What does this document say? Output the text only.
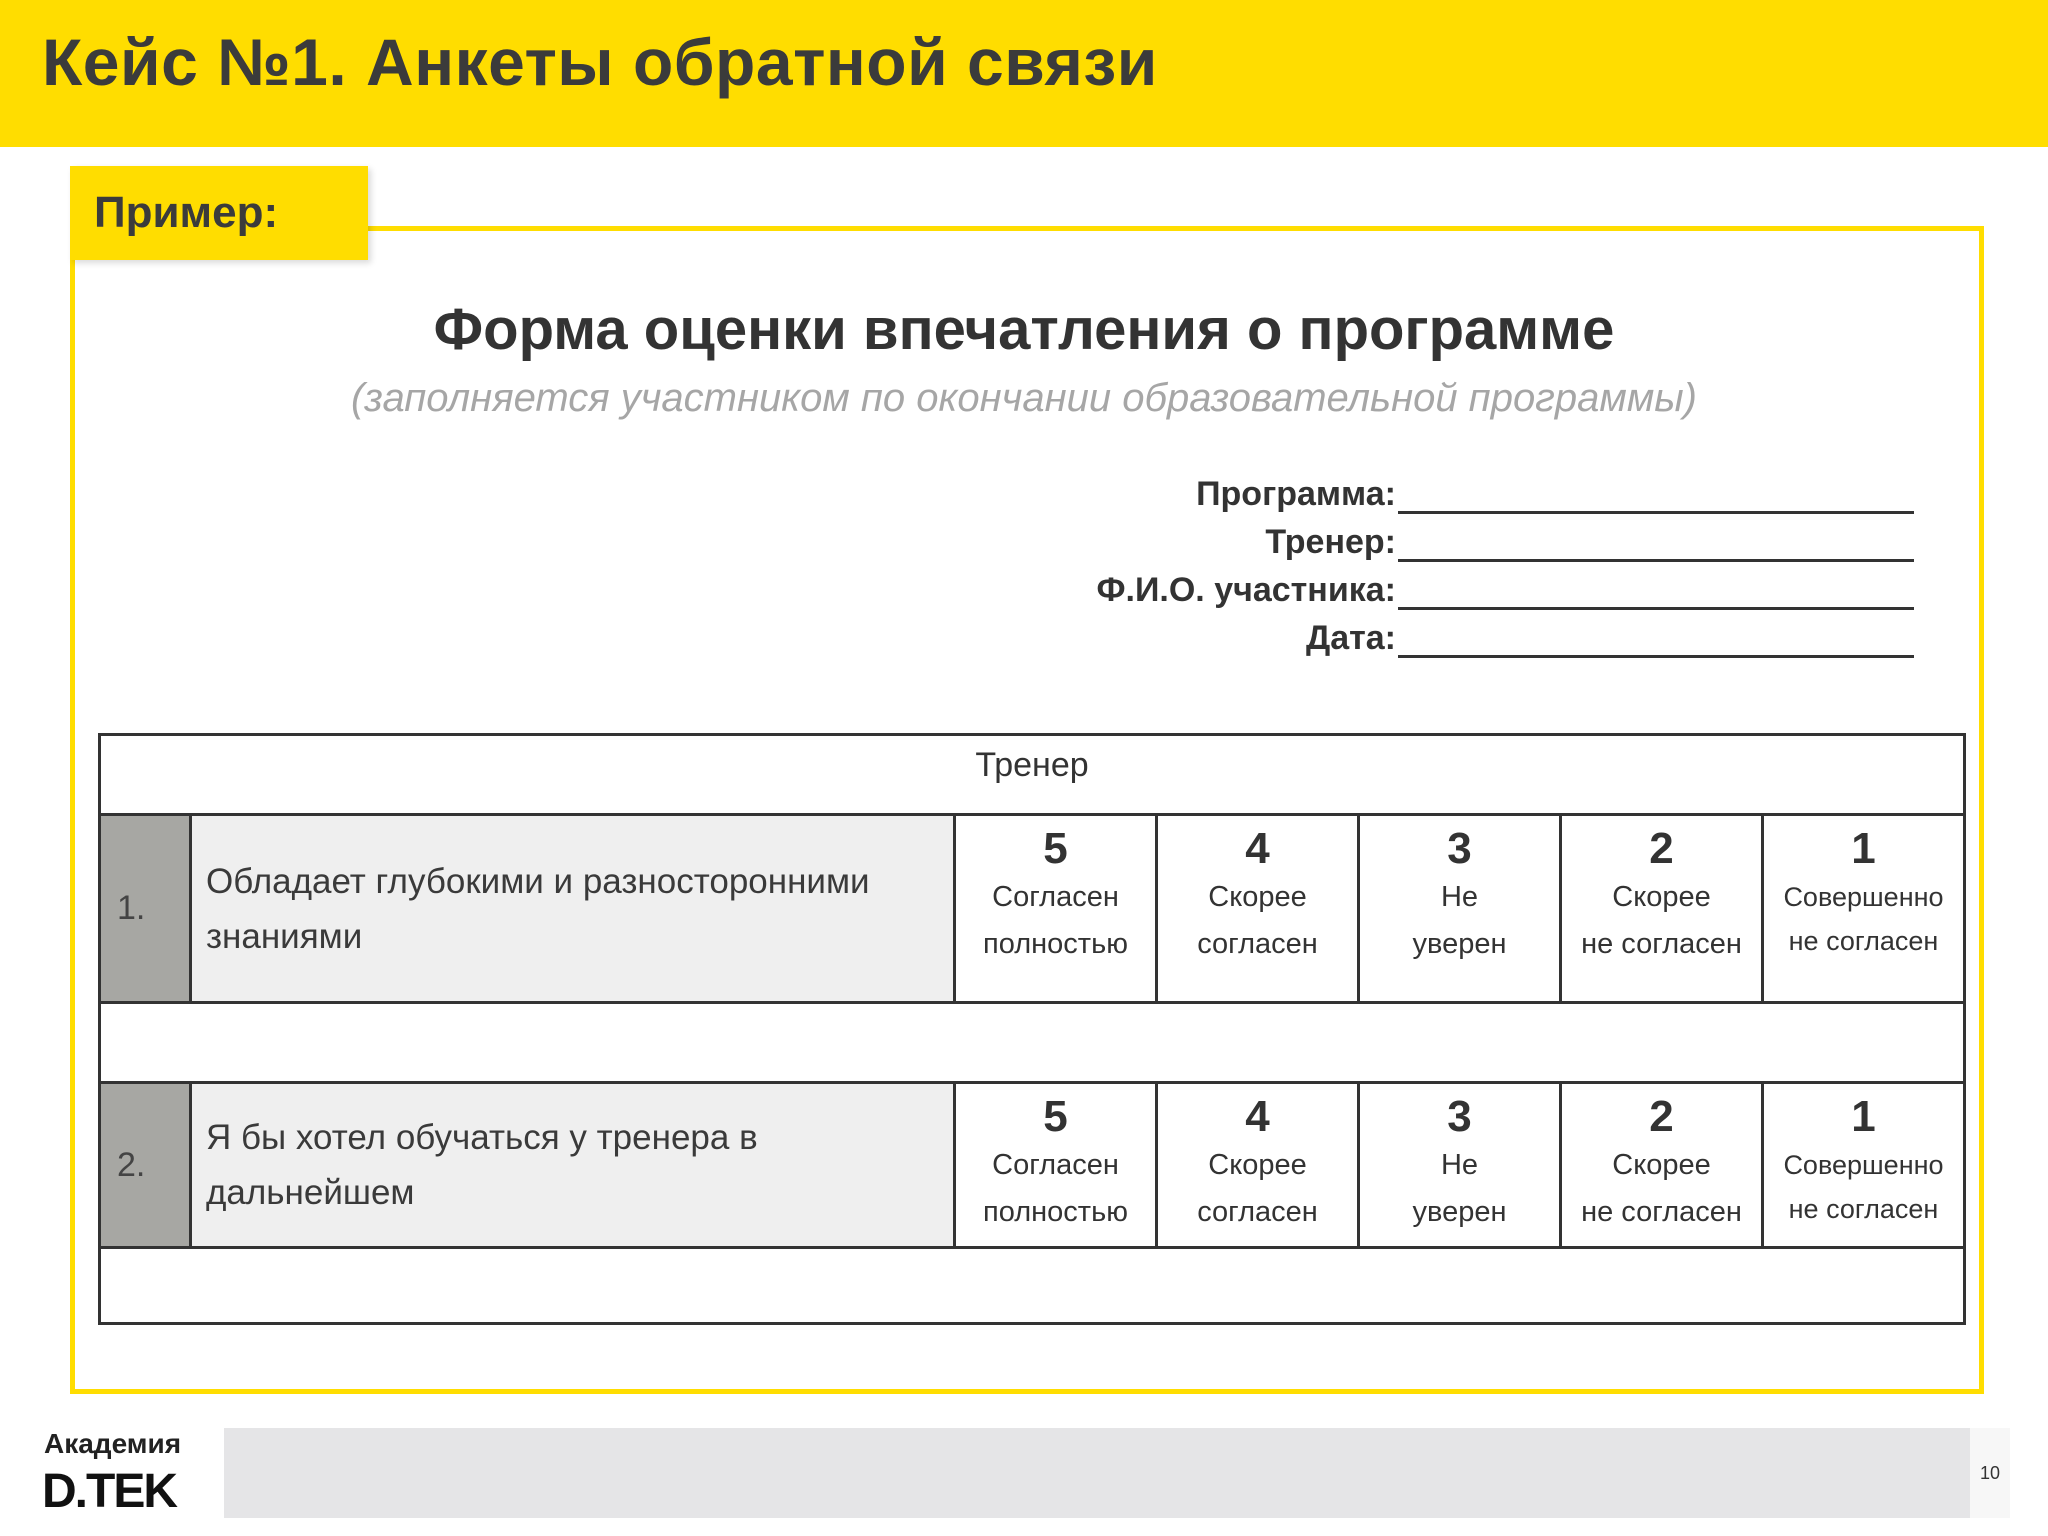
Кейс №1. Анкеты обратной связи
Пример:
Форма оценки впечатления о программе
(заполняется участником по окончании образовательной программы)
Программа:
Тренер:
Ф.И.О. участника:
Дата:
Тренер
1.
Обладает глубокими и разносторонними
знаниями
5
Согласен
полностью
4
Скорее
согласен
3
Не
уверен
2
Скорее
не согласен
1
Совершенно
не согласен
2.
Я бы хотел обучаться у тренера в
дальнейшем
5
Согласен
полностью
4
Скорее
согласен
3
Не
уверен
2
Скорее
не согласен
1
Совершенно
не согласен
Академия
D.TEK	10
